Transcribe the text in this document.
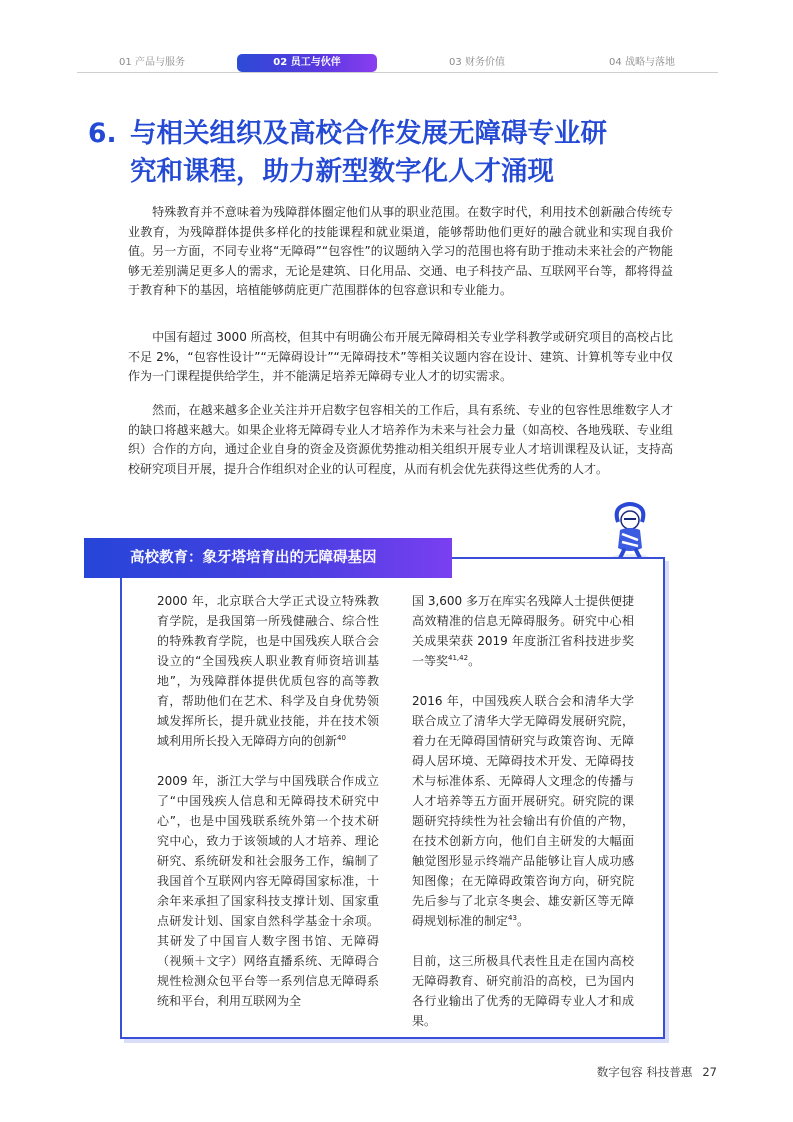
01 产品与服务	02 员工与伙伴	03 财务价值	04 战略与落地
6. 与相关组织及高校合作发展无障碍专业研
究和课程，助力新型数字化人才涌现
特殊教育并不意味着为残障群体圈定他们从事的职业范围。在数字时代，利用技术创新融合传统专业教育，为残障群体提供多样化的技能课程和就业渠道，能够帮助他们更好的融合就业和实现自我价值。另一方面，不同专业将“无障碍”“包容性”的议题纳入学习的范围也将有助于推动未来社会的产物能够无差别满足更多人的需求，无论是建筑、日化用品、交通、电子科技产品、互联网平台等，都将得益于教育种下的基因，培植能够荫庇更广范围群体的包容意识和专业能力。
中国有超过 3000 所高校，但其中有明确公布开展无障碍相关专业学科教学或研究项目的高校占比不足 2%，“包容性设计”“无障碍设计”“无障碍技术”等相关议题内容在设计、建筑、计算机等专业中仅作为一门课程提供给学生，并不能满足培养无障碍专业人才的切实需求。
然而，在越来越多企业关注并开启数字包容相关的工作后，具有系统、专业的包容性思维数字人才的缺口将越来越大。如果企业将无障碍专业人才培养作为未来与社会力量（如高校、各地残联、专业组织）合作的方向，通过企业自身的资金及资源优势推动相关组织开展专业人才培训课程及认证，支持高校研究项目开展，提升合作组织对企业的认可程度，从而有机会优先获得这些优秀的人才。
高校教育：象牙塔培育出的无障碍基因

2000 年，北京联合大学正式设立特殊教育学院，是我国第一所残健融合、综合性的特殊教育学院，也是中国残疾人联合会设立的“全国残疾人职业教育师资培训基地”，为残障群体提供优质包容的高等教育，帮助他们在艺术、科学及自身优势领域发挥所长，提升就业技能，并在技术领域利用所长投入无障碍方向的创新$^{40}$

2009 年，浙江大学与中国残联合作成立了“中国残疾人信息和无障碍技术研究中心”，也是中国残联系统外第一个技术研究中心，致力于该领域的人才培养、理论研究、系统研发和社会服务工作，编制了我国首个互联网内容无障碍国家标准，十余年来承担了国家科技支撑计划、国家重点研发计划、国家自然科学基金十余项。其研发了中国盲人数字图书馆、无障碍（视频＋文字）网络直播系统、无障碍合规性检测众包平台等一系列信息无障碍系统和平台，利用互联网为全

国 3,600 多万在库实名残障人士提供便捷高效精准的信息无障碍服务。研究中心相关成果荣获 2019 年度浙江省科技进步奖一等奖$^{41,42}$。

2016 年，中国残疾人联合会和清华大学联合成立了清华大学无障碍发展研究院，着力在无障碍国情研究与政策咨询、无障碍人居环境、无障碍技术开发、无障碍技术与标准体系、无障碍人文理念的传播与人才培养等五方面开展研究。研究院的课题研究持续性为社会输出有价值的产物，在技术创新方向，他们自主研发的大幅面触觉图形显示终端产品能够让盲人成功感知图像；在无障碍政策咨询方向，研究院先后参与了北京冬奥会、雄安新区等无障碍规划标准的制定$^{43}$。

目前，这三所极具代表性且走在国内高校无障碍教育、研究前沿的高校，已为国内各行业输出了优秀的无障碍专业人才和成果。

数字包容 科技普惠 27
